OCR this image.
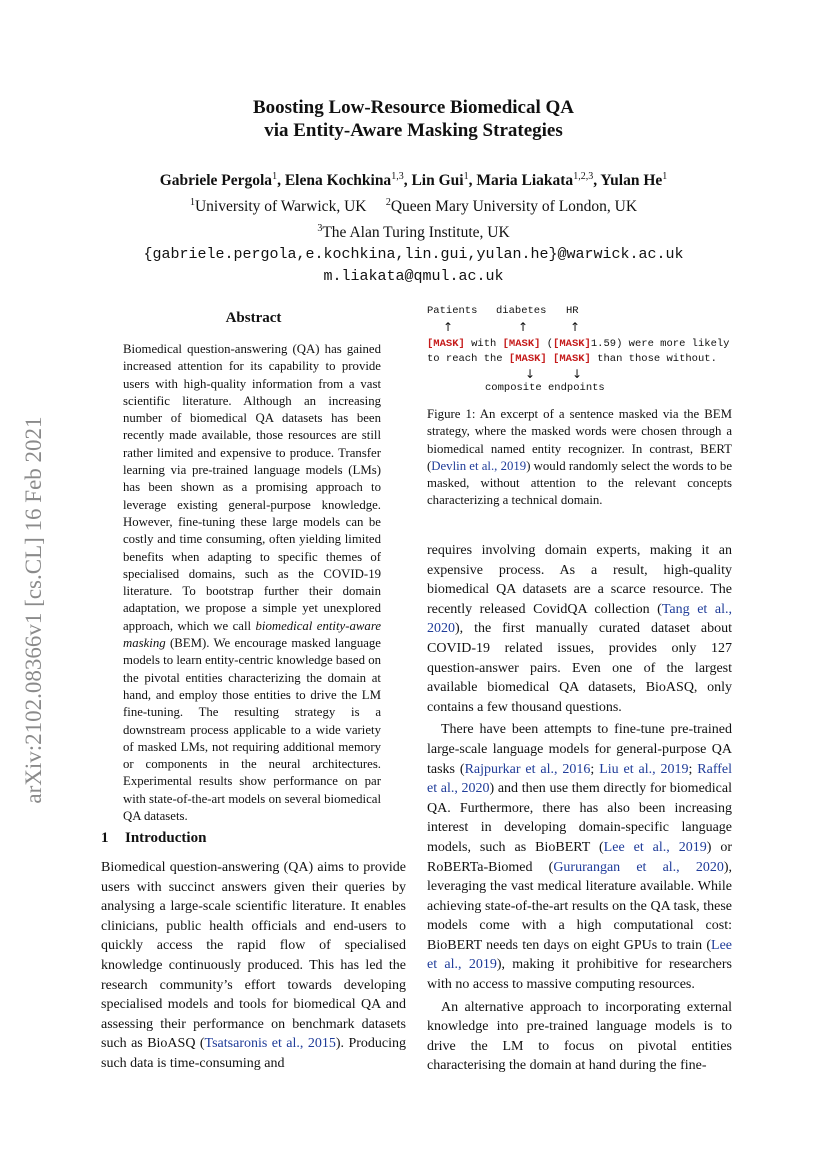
arXiv:2102.08366v1 [cs.CL] 16 Feb 2021
Boosting Low-Resource Biomedical QA
via Entity-Aware Masking Strategies
Gabriele Pergola$^1$, Elena Kochkina$^{1,3}$, Lin Gui$^1$, Maria Liakata$^{1,2,3}$, Yulan He$^1$
$^1$University of Warwick, UK $^2$Queen Mary University of London, UK
$^3$The Alan Turing Institute, UK
{gabriele.pergola,e.kochkina,lin.gui,yulan.he}@warwick.ac.uk
m.liakata@qmul.ac.uk
Abstract
Biomedical question-answering (QA) has gained increased attention for its capability to provide users with high-quality information from a vast scientific literature. Although an increasing number of biomedical QA datasets has been recently made available, those resources are still rather limited and expensive to produce. Transfer learning via pre-trained language models (LMs) has been shown as a promising approach to leverage existing general-purpose knowledge. However, fine-tuning these large models can be costly and time consuming, often yielding limited benefits when adapting to specific themes of specialised domains, such as the COVID-19 literature. To bootstrap further their domain adaptation, we propose a simple yet unexplored approach, which we call biomedical entity-aware masking (BEM). We encourage masked language models to learn entity-centric knowledge based on the pivotal entities characterizing the domain at hand, and employ those entities to drive the LM fine-tuning. The resulting strategy is a downstream process applicable to a wide variety of masked LMs, not requiring additional memory or components in the neural architectures. Experimental results show performance on par with state-of-the-art models on several biomedical QA datasets.
1 Introduction
Biomedical question-answering (QA) aims to provide users with succinct answers given their queries by analysing a large-scale scientific literature. It enables clinicians, public health officials and end-users to quickly access the rapid flow of specialised knowledge continuously produced. This has led the research community’s effort towards developing specialised models and tools for biomedical QA and assessing their performance on benchmark datasets such as BioASQ (Tsatsaronis et al., 2015). Producing such data is time-consuming and
Patients diabetes HR
↑	↑	↑
[MASK] with [MASK] ([MASK]1.59) were more likely
to reach the [MASK] [MASK] than those without.
↓	↓
composite endpoints
Figure 1: An excerpt of a sentence masked via the BEM strategy, where the masked words were chosen through a biomedical named entity recognizer. In contrast, BERT (Devlin et al., 2019) would randomly select the words to be masked, without attention to the relevant concepts characterizing a technical domain.

requires involving domain experts, making it an expensive process. As a result, high-quality biomedical QA datasets are a scarce resource. The recently released CovidQA collection (Tang et al., 2020), the first manually curated dataset about COVID-19 related issues, provides only 127 question-answer pairs. Even one of the largest available biomedical QA datasets, BioASQ, only contains a few thousand questions.

There have been attempts to fine-tune pre-trained large-scale language models for general-purpose QA tasks (Rajpurkar et al., 2016; Liu et al., 2019; Raffel et al., 2020) and then use them directly for biomedical QA. Furthermore, there has also been increasing interest in developing domain-specific language models, such as BioBERT (Lee et al., 2019) or RoBERTa-Biomed (Gururangan et al., 2020), leveraging the vast medical literature available. While achieving state-of-the-art results on the QA task, these models come with a high computational cost: BioBERT needs ten days on eight GPUs to train (Lee et al., 2019), making it prohibitive for researchers with no access to massive computing resources.

An alternative approach to incorporating external knowledge into pre-trained language models is to drive the LM to focus on pivotal entities characterising the domain at hand during the fine-
